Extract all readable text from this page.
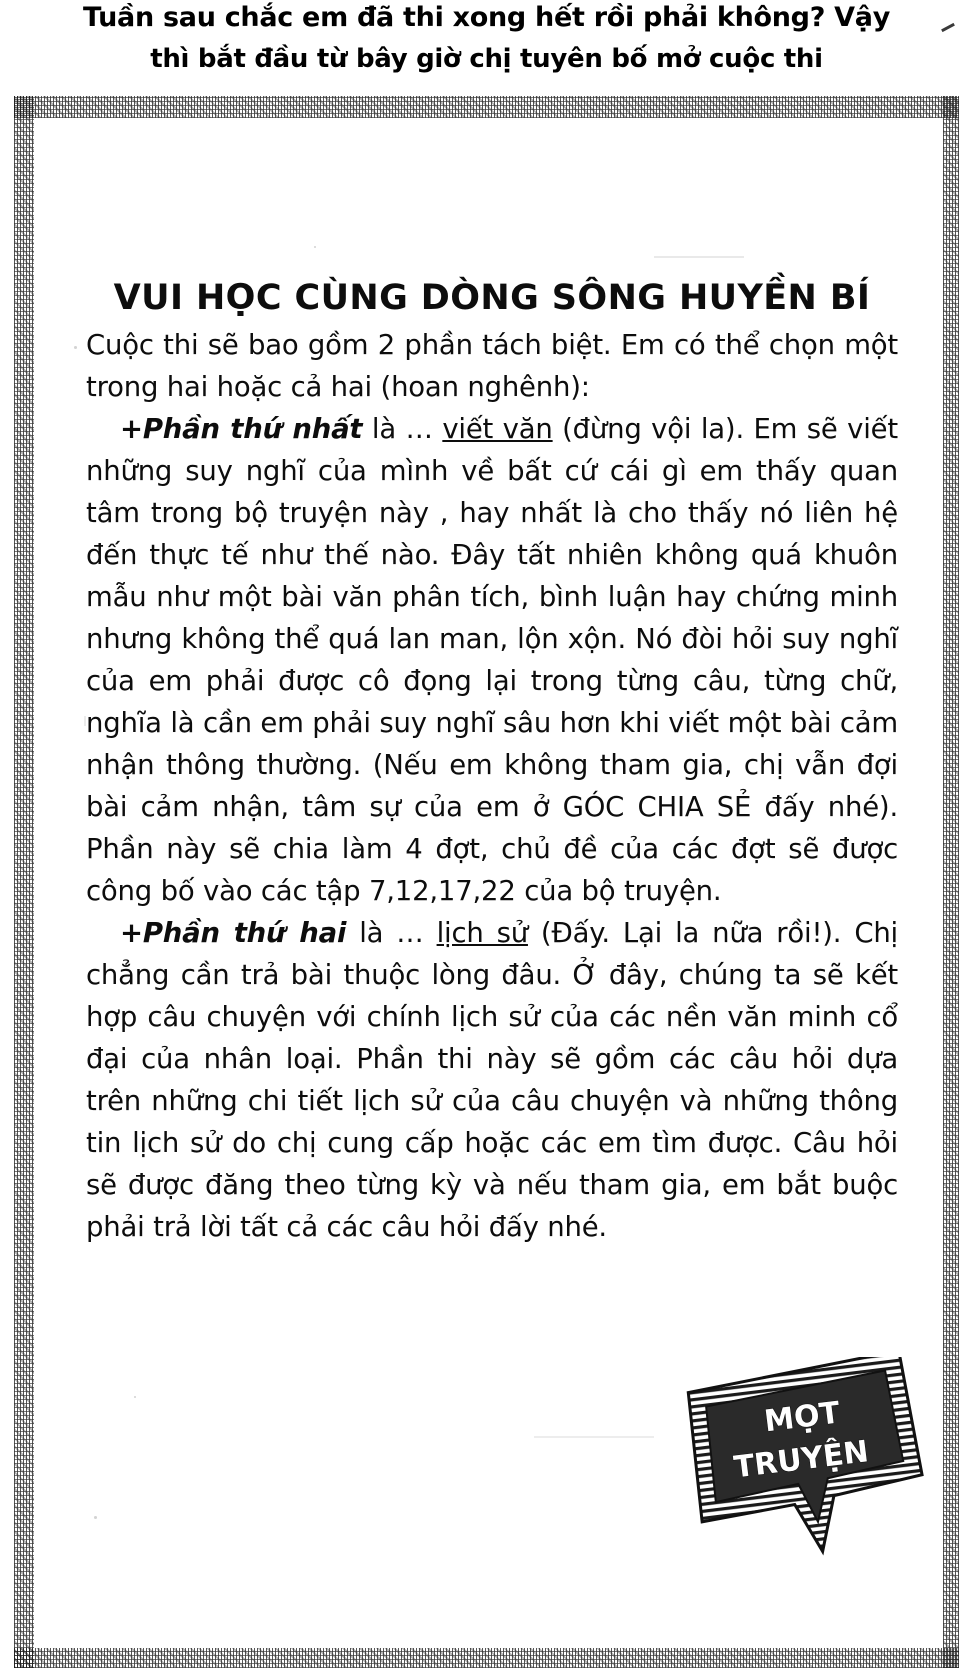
Tuần sau chắc em đã thi xong hết rồi phải không? Vậy
thì bắt đầu từ bây giờ chị tuyên bố mở cuộc thi
VUI HỌC CÙNG DÒNG SÔNG HUYỀN BÍ

Cuộc thi sẽ bao gồm 2 phần tách biệt. Em có thể chọn một trong hai hoặc cả hai (hoan nghênh):

+Phần thứ nhất là … viết văn (đừng vội la). Em sẽ viết những suy nghĩ của mình về bất cứ cái gì em thấy quan tâm trong bộ truyện này , hay nhất là cho thấy nó liên hệ đến thực tế như thế nào. Đây tất nhiên không quá khuôn mẫu như một bài văn phân tích, bình luận hay chứng minh nhưng không thể quá lan man, lộn xộn. Nó đòi hỏi suy nghĩ của em phải được cô đọng lại trong từng câu, từng chữ, nghĩa là cần em phải suy nghĩ sâu hơn khi viết một bài cảm nhận thông thường. (Nếu em không tham gia, chị vẫn đợi bài cảm nhận, tâm sự của em ở GÓC CHIA SẺ đấy nhé). Phần này sẽ chia làm 4 đợt, chủ đề của các đợt sẽ được công bố vào các tập 7,12,17,22 của bộ truyện.

+Phần thứ hai là … lịch sử (Đấy. Lại la nữa rồi!). Chị chẳng cần trả bài thuộc lòng đâu. Ở đây, chúng ta sẽ kết hợp câu chuyện với chính lịch sử của các nền văn minh cổ đại của nhân loại. Phần thi này sẽ gồm các câu hỏi dựa trên những chi tiết lịch sử của câu chuyện và những thông tin lịch sử do chị cung cấp hoặc các em tìm được. Câu hỏi sẽ được đăng theo từng kỳ và nếu tham gia, em bắt buộc phải trả lời tất cả các câu hỏi đấy nhé.

MỌT
TRUYỆN
